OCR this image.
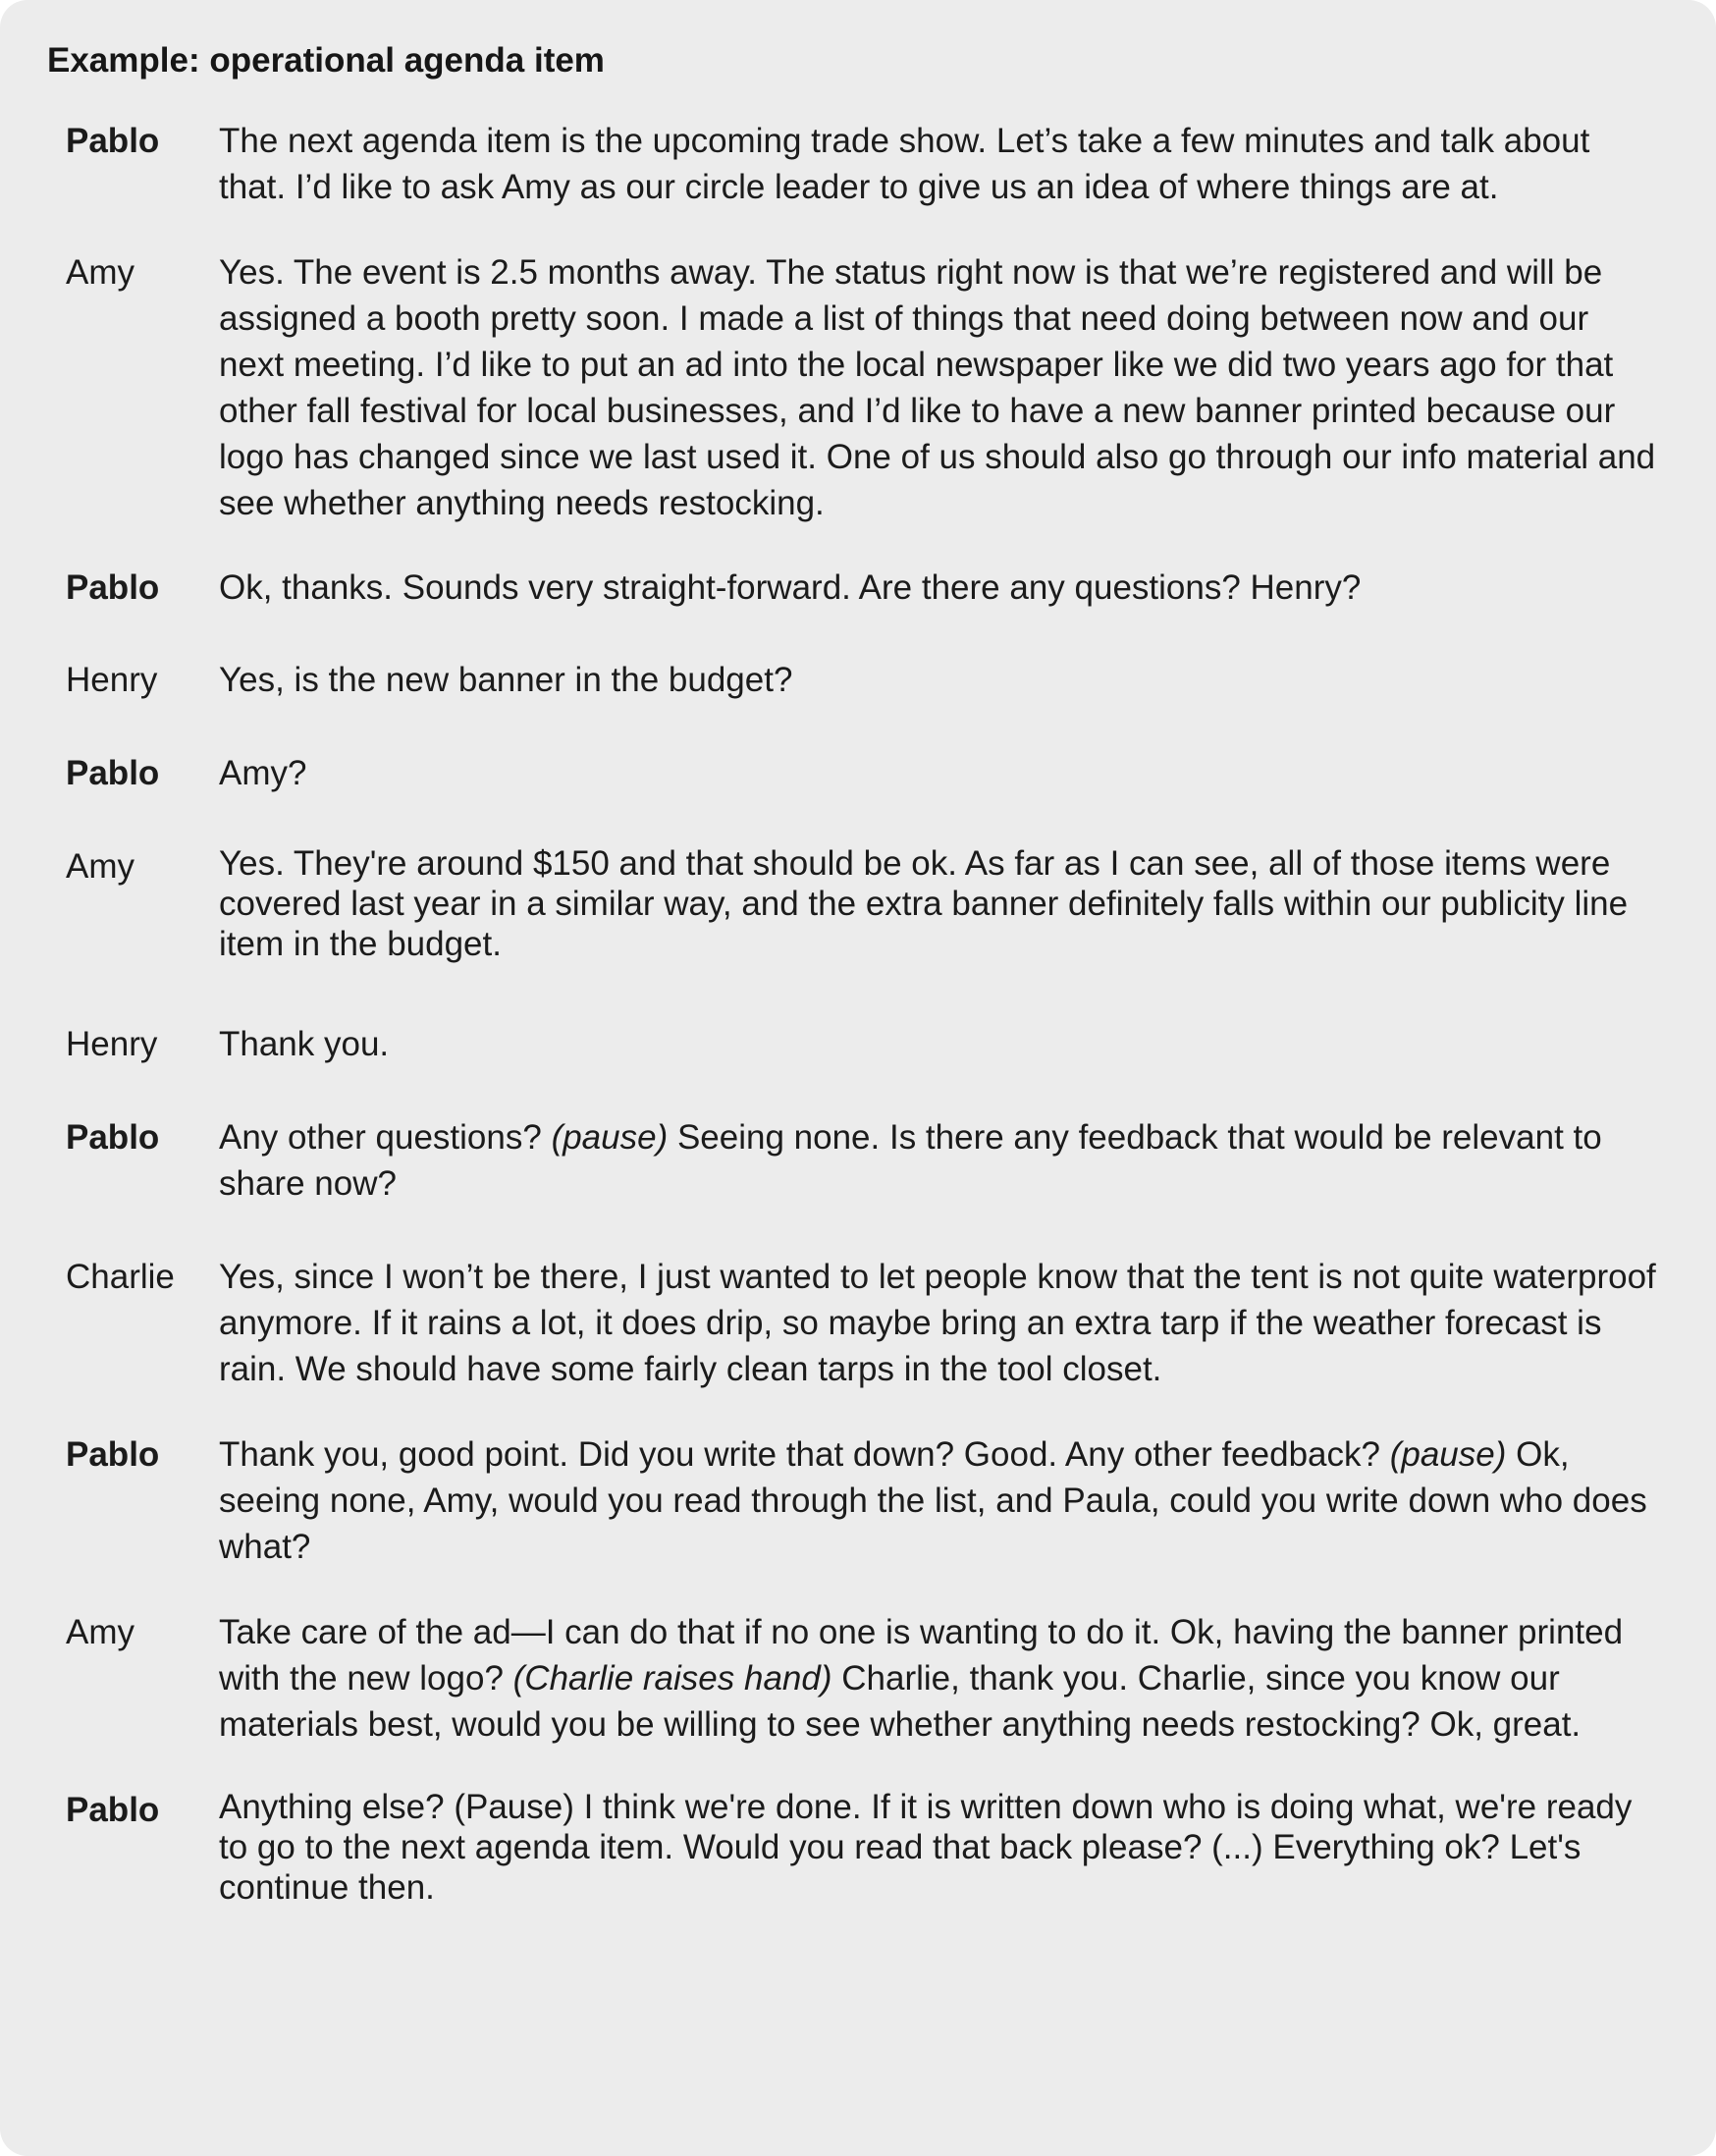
Example: operational agenda item
Pablo	The next agenda item is the upcoming trade show. Let’s take a few minutes and talk about that. I’d like to ask Amy as our circle leader to give us an idea of where things are at.
Amy	Yes. The event is 2.5 months away. The status right now is that we’re registered and will be assigned a booth pretty soon. I made a list of things that need doing between now and our next meeting. I’d like to put an ad into the local newspaper like we did two years ago for that other fall festival for local businesses, and I’d like to have a new banner printed because our logo has changed since we last used it. One of us should also go through our info material and see whether anything needs restocking.
Pablo	Ok, thanks. Sounds very straight-forward. Are there any questions? Henry?
Henry	Yes, is the new banner in the budget?
Pablo	Amy?
Amy	Yes. They're around $150 and that should be ok. As far as I can see, all of those items were covered last year in a similar way, and the extra banner definitely falls within our publicity line item in the budget.
Henry	Thank you.
Pablo	Any other questions? (pause) Seeing none. Is there any feedback that would be relevant to share now?
Charlie	Yes, since I won’t be there, I just wanted to let people know that the tent is not quite waterproof anymore. If it rains a lot, it does drip, so maybe bring an extra tarp if the weather forecast is rain. We should have some fairly clean tarps in the tool closet.
Pablo	Thank you, good point. Did you write that down? Good. Any other feedback? (pause) Ok, seeing none, Amy, would you read through the list, and Paula, could you write down who does what?
Amy	Take care of the ad—I can do that if no one is wanting to do it. Ok, having the banner printed with the new logo? (Charlie raises hand) Charlie, thank you. Charlie, since you know our materials best, would you be willing to see whether anything needs restocking? Ok, great.
Pablo	Anything else? (Pause) I think we're done. If it is written down who is doing what, we're ready to go to the next agenda item. Would you read that back please? (...) Everything ok? Let's continue then.
